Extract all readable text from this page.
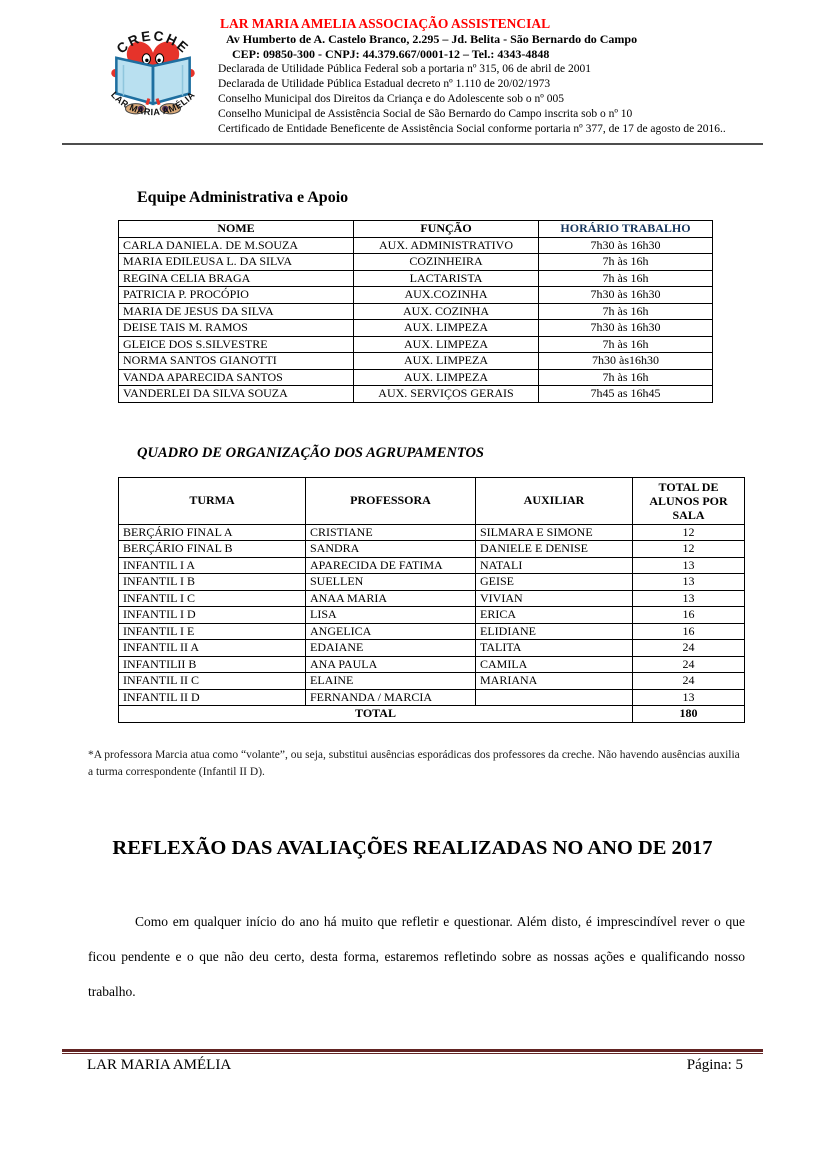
CRECHE
LAR MARIA AMÉLIA
LAR MARIA AMELIA ASSOCIAÇÃO ASSISTENCIAL
Av Humberto de A. Castelo Branco, 2.295 – Jd. Belita - São Bernardo do Campo
CEP: 09850-300 - CNPJ: 44.379.667/0001-12 – Tel.: 4343-4848
Declarada de Utilidade Pública Federal sob a portaria nº 315, 06 de abril de 2001
Declarada de Utilidade Pública Estadual decreto nº 1.110 de 20/02/1973
Conselho Municipal dos Direitos da Criança e do Adolescente sob o nº 005
Conselho Municipal de Assistência Social de São Bernardo do Campo inscrita sob o nº 10
Certificado de Entidade Beneficente de Assistência Social conforme portaria nº 377, de 17 de agosto de 2016..
Equipe Administrativa e Apoio
NOME	FUNÇÃO	HORÁRIO TRABALHO
CARLA DANIELA. DE M.SOUZA	AUX. ADMINISTRATIVO	7h30 às 16h30
MARIA EDILEUSA L. DA SILVA	COZINHEIRA	7h às 16h
REGINA CELIA BRAGA	LACTARISTA	7h às 16h
PATRICIA P. PROCÓPIO	AUX.COZINHA	7h30 às 16h30
MARIA DE JESUS DA SILVA	AUX. COZINHA	7h às 16h
DEISE TAIS M. RAMOS	AUX. LIMPEZA	7h30 às 16h30
GLEICE DOS S.SILVESTRE	AUX. LIMPEZA	7h às 16h
NORMA SANTOS GIANOTTI	AUX. LIMPEZA	7h30 às16h30
VANDA APARECIDA SANTOS	AUX. LIMPEZA	7h às 16h
VANDERLEI DA SILVA SOUZA	AUX. SERVIÇOS GERAIS	7h45 as 16h45
QUADRO DE ORGANIZAÇÃO DOS AGRUPAMENTOS
TURMA	PROFESSORA	AUXILIAR	TOTAL DE ALUNOS POR SALA
BERÇÁRIO FINAL A	CRISTIANE	SILMARA E SIMONE	12
BERÇÁRIO FINAL B	SANDRA	DANIELE E DENISE	12
INFANTIL I A	APARECIDA DE FATIMA	NATALI	13
INFANTIL I B	SUELLEN	GEISE	13
INFANTIL I C	ANAA MARIA	VIVIAN	13
INFANTIL I D	LISA	ERICA	16
INFANTIL I E	ANGELICA	ELIDIANE	16
INFANTIL II A	EDAIANE	TALITA	24
INFANTILII B	ANA PAULA	CAMILA	24
INFANTIL II C	ELAINE	MARIANA	24
INFANTIL II D	FERNANDA / MARCIA		13
TOTAL			180
*A professora Marcia atua como “volante”, ou seja, substitui ausências esporádicas dos professores da creche. Não havendo ausências auxilia a turma correspondente (Infantil II D).
REFLEXÃO DAS AVALIAÇÕES REALIZADAS NO ANO DE 2017
Como em qualquer início do ano há muito que refletir e questionar. Além disto, é imprescindível rever o que ficou pendente e o que não deu certo, desta forma, estaremos refletindo sobre as nossas ações e qualificando nosso trabalho.
LAR MARIA AMÉLIA	Página: 5
